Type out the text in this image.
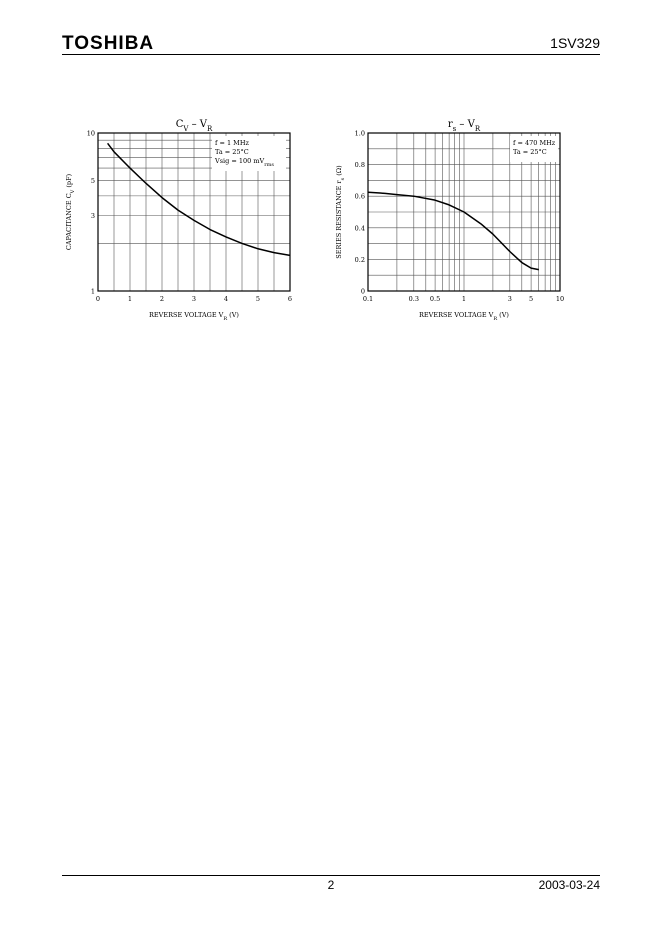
TOSHIBA	1SV329
$C_V - V_R$
0	1	2	3	4	5	6
1
3
5
10
REVERSE VOLTAGE $V_R$ (V)
CAPACITANCE $C_V$ (pF)
f = 1 MHz
Ta = 25°C
Vsig = 100 $mV_{rms}$
$r_s - V_R$
0.1	0.3 0.5	1	3	5	10
0
0.2
0.4
0.6
0.8
1.0
REVERSE VOLTAGE $V_R$ (V)
SERIES RESISTANCE $r_s$ (Ω)
f = 470 MHz
Ta = 25°C
2	2003-03-24
